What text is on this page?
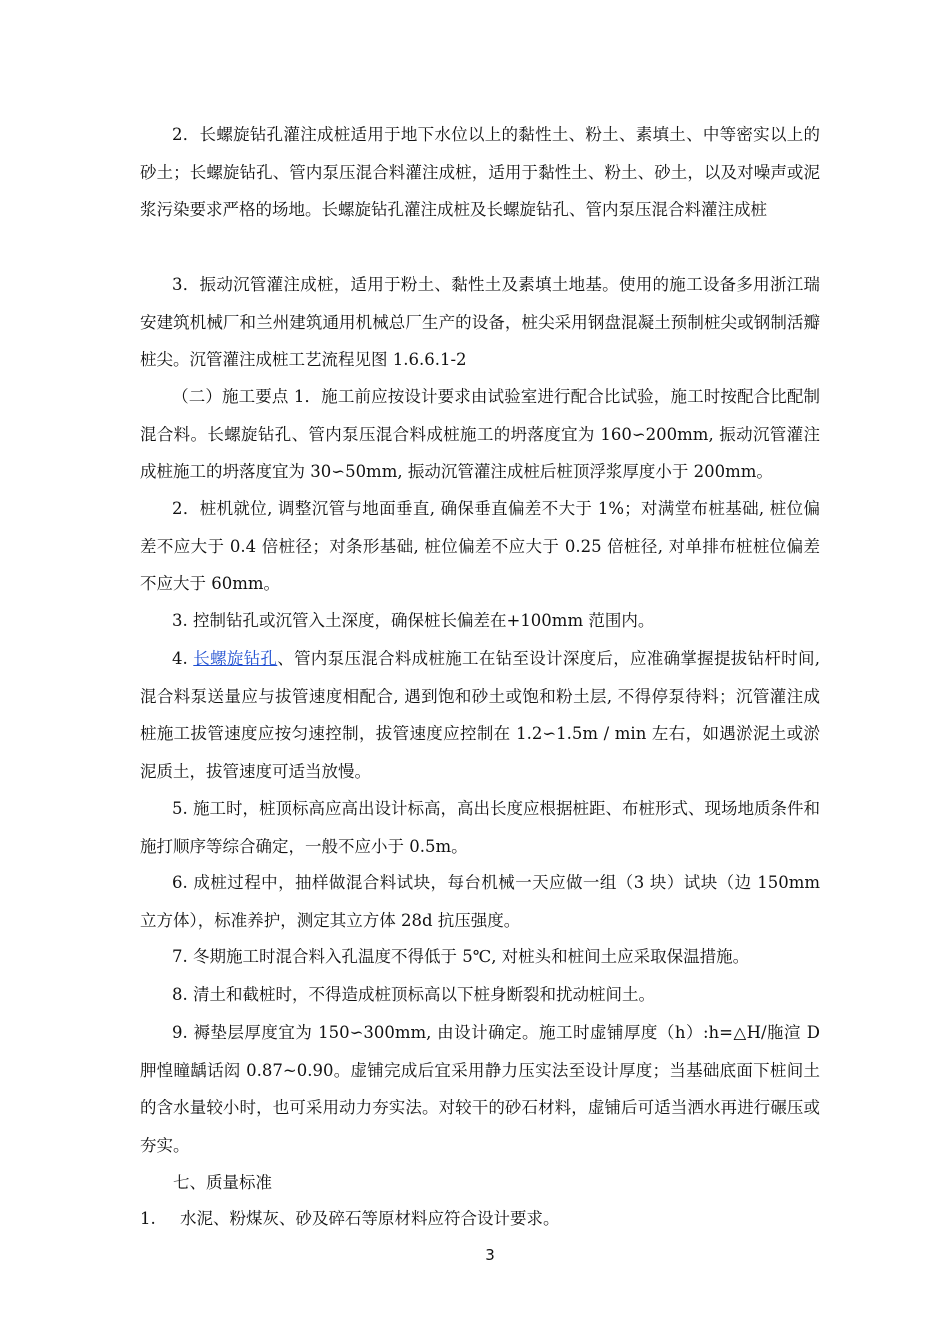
2．长螺旋钻孔灌注成桩适用于地下水位以上的黏性土、粉土、素填土、中等密实以上的砂土；长螺旋钻孔、管内泵压混合料灌注成桩，适用于黏性土、粉土、砂土，以及对噪声或泥浆污染要求严格的场地。长螺旋钻孔灌注成桩及长螺旋钻孔、管内泵压混合料灌注成桩

3．振动沉管灌注成桩，适用于粉土、黏性土及素填土地基。使用的施工设备多用浙江瑞安建筑机械厂和兰州建筑通用机械总厂生产的设备，桩尖采用钢盘混凝土预制桩尖或钢制活瓣桩尖。沉管灌注成桩工艺流程见图 1.6.6.1-2

（二）施工要点 1．施工前应按设计要求由试验室进行配合比试验，施工时按配合比配制混合料。长螺旋钻孔、管内泵压混合料成桩施工的坍落度宜为 160∽200mm, 振动沉管灌注成桩施工的坍落度宜为 30∽50mm, 振动沉管灌注成桩后桩顶浮浆厚度小于 200mm。

2．桩机就位, 调整沉管与地面垂直, 确保垂直偏差不大于 1%；对满堂布桩基础, 桩位偏差不应大于 0.4 倍桩径；对条形基础, 桩位偏差不应大于 0.25 倍桩径, 对单排布桩桩位偏差不应大于 60mm。

3. 控制钻孔或沉管入土深度，确保桩长偏差在+100mm 范围内。

4. 长螺旋钻孔、管内泵压混合料成桩施工在钻至设计深度后，应准确掌握提拔钻杆时间, 混合料泵送量应与拔管速度相配合, 遇到饱和砂土或饱和粉土层, 不得停泵待料；沉管灌注成桩施工拔管速度应按匀速控制，拔管速度应控制在 1.2∽1.5m / min 左右，如遇淤泥土或淤泥质土，拔管速度可适当放慢。

5. 施工时，桩顶标高应高出设计标高，高出长度应根据桩距、布桩形式、现场地质条件和施打顺序等综合确定，一般不应小于 0.5m。

6. 成桩过程中，抽样做混合料试块，每台机械一天应做一组（3 块）试块（边 150mm 立方体），标准养护，测定其立方体 28d 抗压强度。

7. 冬期施工时混合料入孔温度不得低于 5℃, 对桩头和桩间土应采取保温措施。

8. 清土和截桩时，不得造成桩顶标高以下桩身断裂和扰动桩间土。

9. 褥垫层厚度宜为 150∽300mm, 由设计确定。施工时虚铺厚度（h）:h=△H/胣渲 D 胛惶瞳龋话闳 0.87~0.90。虚铺完成后宜采用静力压实法至设计厚度；当基础底面下桩间土的含水量较小时，也可采用动力夯实法。对较干的砂石材料，虚铺后可适当洒水再进行碾压或夯实。

七、质量标准

1. 水泥、粉煤灰、砂及碎石等原材料应符合设计要求。

3
